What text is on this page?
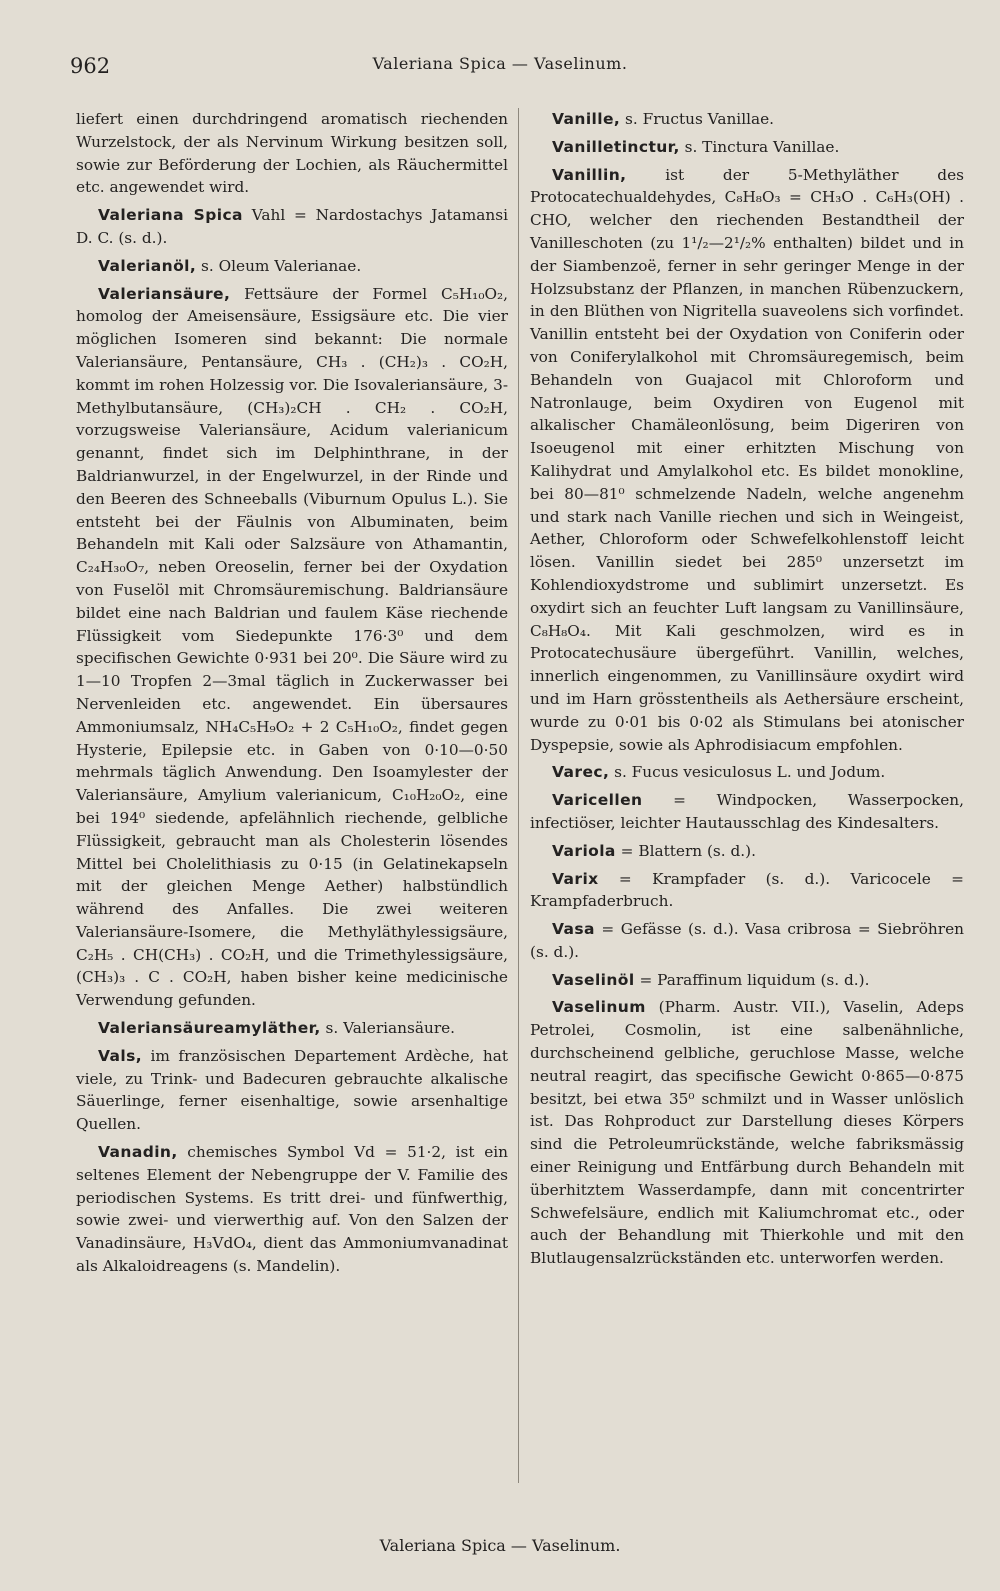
962	Valeriana Spica — Vaselinum.

liefert einen durchdringend aromatisch riechenden Wurzelstock, der als Nervinum Wirkung besitzen soll, sowie zur Beförderung der Lochien, als Räuchermittel etc. angewendet wird.

Valeriana Spica Vahl = Nardostachys Jatamansi D. C. (s. d.).

Valerianöl, s. Oleum Valerianae.

Valeriansäure, Fettsäure der Formel C₅H₁₀O₂, homolog der Ameisensäure, Essigsäure etc. Die vier möglichen Isomeren sind bekannt: Die normale Valeriansäure, Pentansäure, CH₃ . (CH₂)₃ . CO₂H, kommt im rohen Holzessig vor. Die Isovaleriansäure, 3-Methylbutansäure, (CH₃)₂CH . CH₂ . CO₂H, vorzugsweise Valeriansäure, Acidum valerianicum genannt, findet sich im Delphinthrane, in der Baldrianwurzel, in der Engelwurzel, in der Rinde und den Beeren des Schneeballs (Viburnum Opulus L.). Sie entsteht bei der Fäulnis von Albuminaten, beim Behandeln mit Kali oder Salzsäure von Athamantin, C₂₄H₃₀O₇, neben Oreoselin, ferner bei der Oxydation von Fuselöl mit Chromsäuremischung. Baldriansäure bildet eine nach Baldrian und faulem Käse riechende Flüssigkeit vom Siedepunkte 176·3⁰ und dem specifischen Gewichte 0·931 bei 20⁰. Die Säure wird zu 1—10 Tropfen 2—3mal täglich in Zuckerwasser bei Nervenleiden etc. angewendet. Ein übersaures Ammoniumsalz, NH₄C₅H₉O₂ + 2 C₅H₁₀O₂, findet gegen Hysterie, Epilepsie etc. in Gaben von 0·10—0·50 mehrmals täglich Anwendung. Den Isoamylester der Valeriansäure, Amylium valerianicum, C₁₀H₂₀O₂, eine bei 194⁰ siedende, apfelähnlich riechende, gelbliche Flüssigkeit, gebraucht man als Cholesterin lösendes Mittel bei Cholelithiasis zu 0·15 (in Gelatinekapseln mit der gleichen Menge Aether) halbstündlich während des Anfalles. Die zwei weiteren Valeriansäure-Isomere, die Methyläthylessigsäure, C₂H₅ . CH(CH₃) . CO₂H, und die Trimethylessigsäure, (CH₃)₃ . C . CO₂H, haben bisher keine medicinische Verwendung gefunden.

Valeriansäureamyläther, s. Valeriansäure.

Vals, im französischen Departement Ardèche, hat viele, zu Trink- und Badecuren gebrauchte alkalische Säuerlinge, ferner eisenhaltige, sowie arsenhaltige Quellen.

Vanadin, chemisches Symbol Vd = 51·2, ist ein seltenes Element der Nebengruppe der V. Familie des periodischen Systems. Es tritt drei- und fünfwerthig, sowie zwei- und vierwerthig auf. Von den Salzen der Vanadinsäure, H₃VdO₄, dient das Ammoniumvanadinat als Alkaloidreagens (s. Mandelin).

Vanille, s. Fructus Vanillae.

Vanilletinctur, s. Tinctura Vanillae.

Vanillin, ist der 5-Methyläther des Protocatechualdehydes, C₈H₈O₃ = CH₃O . C₆H₃(OH) . CHO, welcher den riechenden Bestandtheil der Vanilleschoten (zu 1¹/₂—2¹/₂% enthalten) bildet und in der Siambenzoë, ferner in sehr geringer Menge in der Holzsubstanz der Pflanzen, in manchen Rübenzuckern, in den Blüthen von Nigritella suaveolens sich vorfindet. Vanillin entsteht bei der Oxydation von Coniferin oder von Coniferylalkohol mit Chromsäuregemisch, beim Behandeln von Guajacol mit Chloroform und Natronlauge, beim Oxydiren von Eugenol mit alkalischer Chamäleonlösung, beim Digeriren von Isoeugenol mit einer erhitzten Mischung von Kalihydrat und Amylalkohol etc. Es bildet monokline, bei 80—81⁰ schmelzende Nadeln, welche angenehm und stark nach Vanille riechen und sich in Weingeist, Aether, Chloroform oder Schwefelkohlenstoff leicht lösen. Vanillin siedet bei 285⁰ unzersetzt im Kohlendioxydstrome und sublimirt unzersetzt. Es oxydirt sich an feuchter Luft langsam zu Vanillinsäure, C₈H₈O₄. Mit Kali geschmolzen, wird es in Protocatechusäure übergeführt. Vanillin, welches, innerlich eingenommen, zu Vanillinsäure oxydirt wird und im Harn grösstentheils als Aethersäure erscheint, wurde zu 0·01 bis 0·02 als Stimulans bei atonischer Dyspepsie, sowie als Aphrodisiacum empfohlen.

Varec, s. Fucus vesiculosus L. und Jodum.

Varicellen = Windpocken, Wasserpocken, infectiöser, leichter Hautausschlag des Kindesalters.

Variola = Blattern (s. d.).

Varix = Krampfader (s. d.). Varicocele = Krampfaderbruch.

Vasa = Gefässe (s. d.). Vasa cribrosa = Siebröhren (s. d.).

Vaselinöl = Paraffinum liquidum (s. d.).

Vaselinum (Pharm. Austr. VII.), Vaselin, Adeps Petrolei, Cosmolin, ist eine salbenähnliche, durchscheinend gelbliche, geruchlose Masse, welche neutral reagirt, das specifische Gewicht 0·865—0·875 besitzt, bei etwa 35⁰ schmilzt und in Wasser unlöslich ist. Das Rohproduct zur Darstellung dieses Körpers sind die Petroleumrückstände, welche fabriksmässig einer Reinigung und Entfärbung durch Behandeln mit überhitztem Wasserdampfe, dann mit concentrirter Schwefelsäure, endlich mit Kaliumchromat etc., oder auch der Behandlung mit Thierkohle und mit den Blutlaugensalzrückständen etc. unterworfen werden.

Valeriana Spica — Vaselinum.
